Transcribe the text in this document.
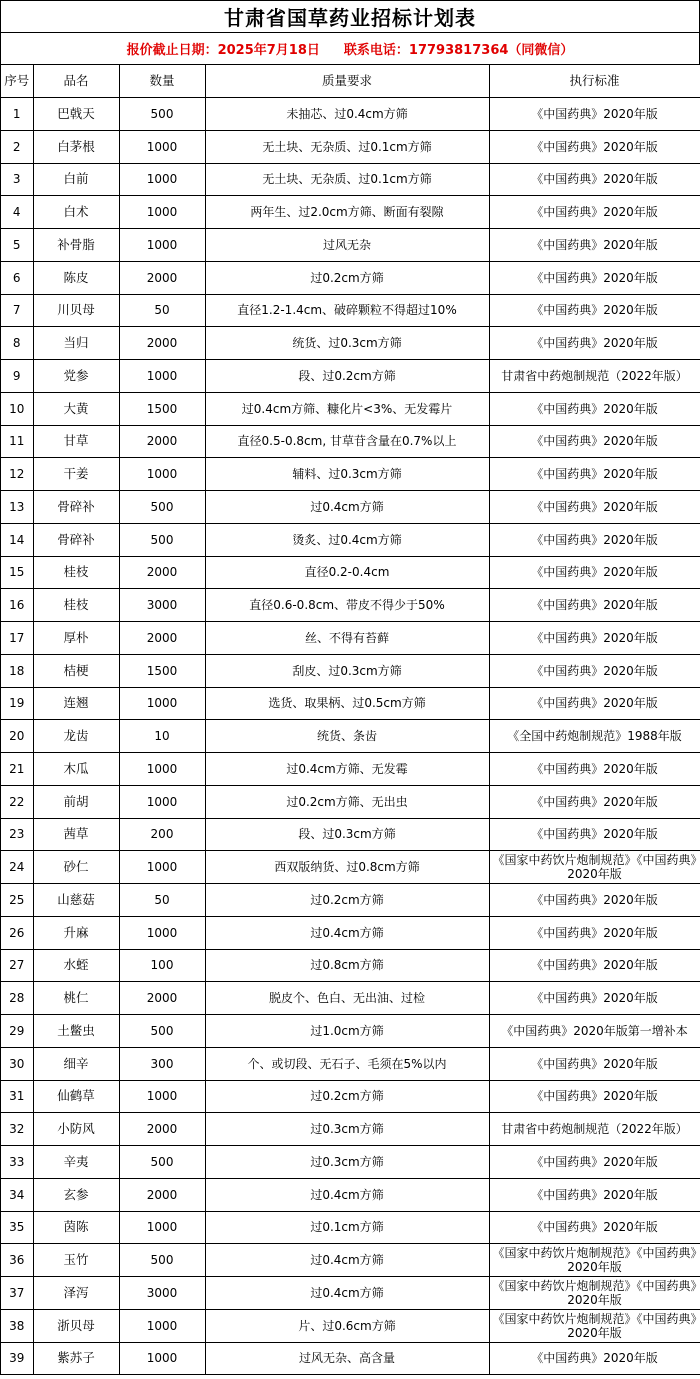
甘肃省国草药业招标计划表
报价截止日期：2025年7月18日 联系电话：17793817364（同微信）
序号	品名	数量	质量要求	执行标准
1	巴戟天	500	未抽芯、过0.4cm方筛	《中国药典》2020年版
2	白茅根	1000	无土块、无杂质、过0.1cm方筛	《中国药典》2020年版
3	白前	1000	无土块、无杂质、过0.1cm方筛	《中国药典》2020年版
4	白术	1000	两年生、过2.0cm方筛、断面有裂隙	《中国药典》2020年版
5	补骨脂	1000	过风无杂	《中国药典》2020年版
6	陈皮	2000	过0.2cm方筛	《中国药典》2020年版
7	川贝母	50	直径1.2-1.4cm、破碎颗粒不得超过10%	《中国药典》2020年版
8	当归	2000	统货、过0.3cm方筛	《中国药典》2020年版
9	党参	1000	段、过0.2cm方筛	甘肃省中药炮制规范（2022年版）
10	大黄	1500	过0.4cm方筛、糠化片<3%、无发霉片	《中国药典》2020年版
11	甘草	2000	直径0.5-0.8cm, 甘草苷含量在0.7%以上	《中国药典》2020年版
12	干姜	1000	辅料、过0.3cm方筛	《中国药典》2020年版
13	骨碎补	500	过0.4cm方筛	《中国药典》2020年版
14	骨碎补	500	烫炙、过0.4cm方筛	《中国药典》2020年版
15	桂枝	2000	直径0.2-0.4cm	《中国药典》2020年版
16	桂枝	3000	直径0.6-0.8cm、带皮不得少于50%	《中国药典》2020年版
17	厚朴	2000	丝、不得有苔藓	《中国药典》2020年版
18	桔梗	1500	刮皮、过0.3cm方筛	《中国药典》2020年版
19	连翘	1000	选货、取果柄、过0.5cm方筛	《中国药典》2020年版
20	龙齿	10	统货、条齿	《全国中药炮制规范》1988年版
21	木瓜	1000	过0.4cm方筛、无发霉	《中国药典》2020年版
22	前胡	1000	过0.2cm方筛、无出虫	《中国药典》2020年版
23	茜草	200	段、过0.3cm方筛	《中国药典》2020年版
24	砂仁	1000	西双版纳货、过0.8cm方筛	《国家中药饮片炮制规范》《中国药典》2020年版
25	山慈菇	50	过0.2cm方筛	《中国药典》2020年版
26	升麻	1000	过0.4cm方筛	《中国药典》2020年版
27	水蛭	100	过0.8cm方筛	《中国药典》2020年版
28	桃仁	2000	脱皮个、色白、无出油、过检	《中国药典》2020年版
29	土鳖虫	500	过1.0cm方筛	《中国药典》2020年版第一增补本
30	细辛	300	个、或切段、无石子、毛须在5%以内	《中国药典》2020年版
31	仙鹤草	1000	过0.2cm方筛	《中国药典》2020年版
32	小防风	2000	过0.3cm方筛	甘肃省中药炮制规范（2022年版）
33	辛夷	500	过0.3cm方筛	《中国药典》2020年版
34	玄参	2000	过0.4cm方筛	《中国药典》2020年版
35	茵陈	1000	过0.1cm方筛	《中国药典》2020年版
36	玉竹	500	过0.4cm方筛	《国家中药饮片炮制规范》《中国药典》2020年版
37	泽泻	3000	过0.4cm方筛	《国家中药饮片炮制规范》《中国药典》2020年版
38	浙贝母	1000	片、过0.6cm方筛	《国家中药饮片炮制规范》《中国药典》2020年版
39	紫苏子	1000	过风无杂、高含量	《中国药典》2020年版
